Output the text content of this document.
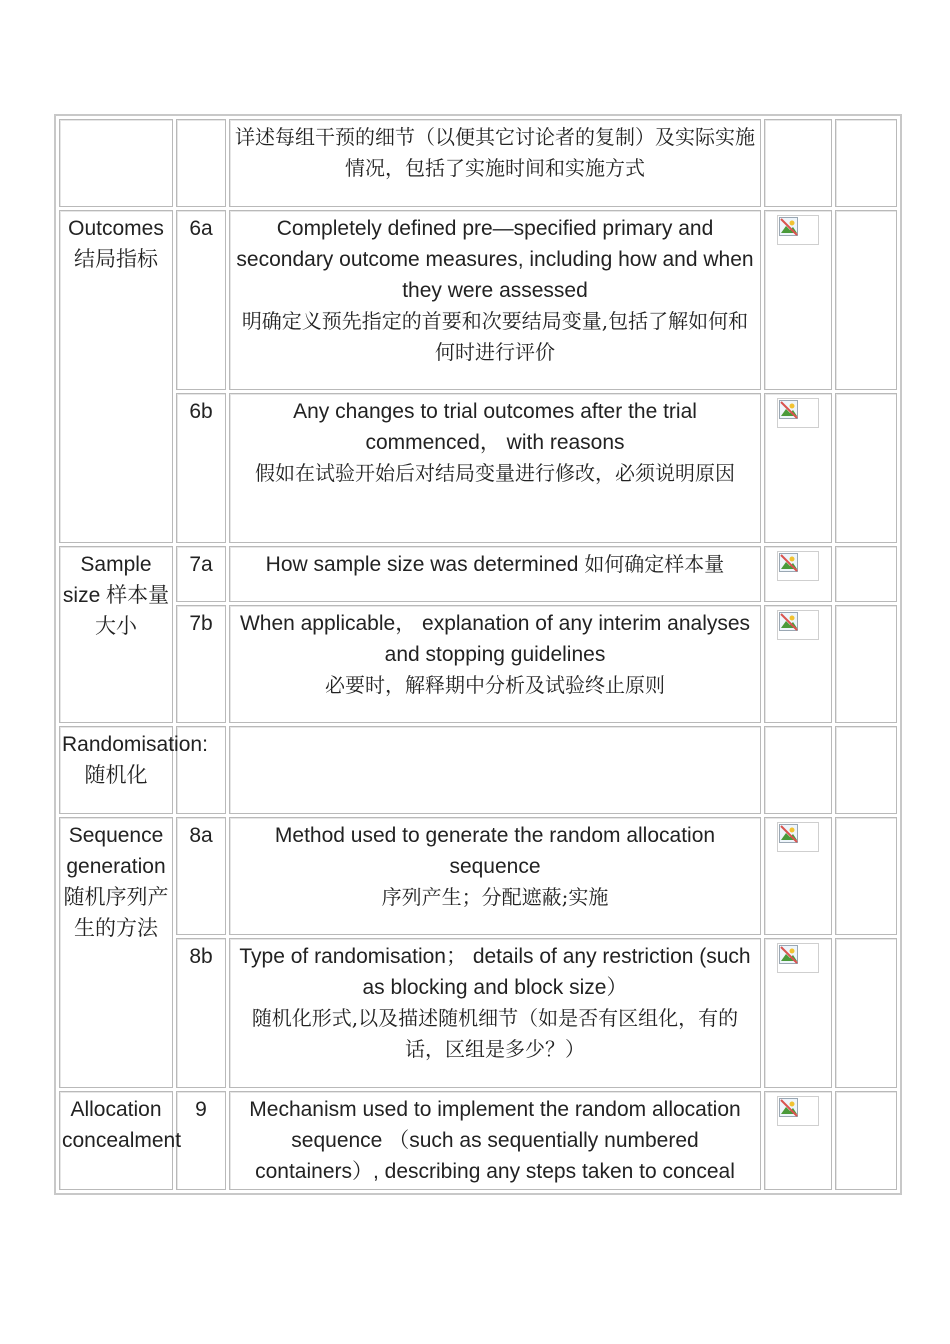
		详述每组干预的细节（以便其它讨论者的复制）及实际实施情况，包括了实施时间和实施方式		

Outcomes 结局指标	6a	Completely defined pre—specified primary and secondary outcome measures, including how and when they were assessed
明确定义预先指定的首要和次要结局变量,包括了解如何和何时进行评价

	6b	Any changes to trial outcomes after the trial commenced， with reasons
假如在试验开始后对结局变量进行修改，必须说明原因

Sample size 样本量大小	7a	How sample size was determined 如何确定样本量	

	7b	When applicable， explanation of any interim analyses and stopping guidelines
必要时，解释期中分析及试验终止原则

Randomisation: 随机化		

Sequence generation 随机序列产生的方法	8a	Method used to generate the random allocation sequence
序列产生；分配遮蔽;实施

	8b	Type of randomisation； details of any restriction (such as blocking and block size）
随机化形式,以及描述随机细节（如是否有区组化，有的话，区组是多少？）

Allocation concealment	9	Mechanism used to implement the random allocation sequence （such as sequentially numbered containers）, describing any steps taken to conceal
